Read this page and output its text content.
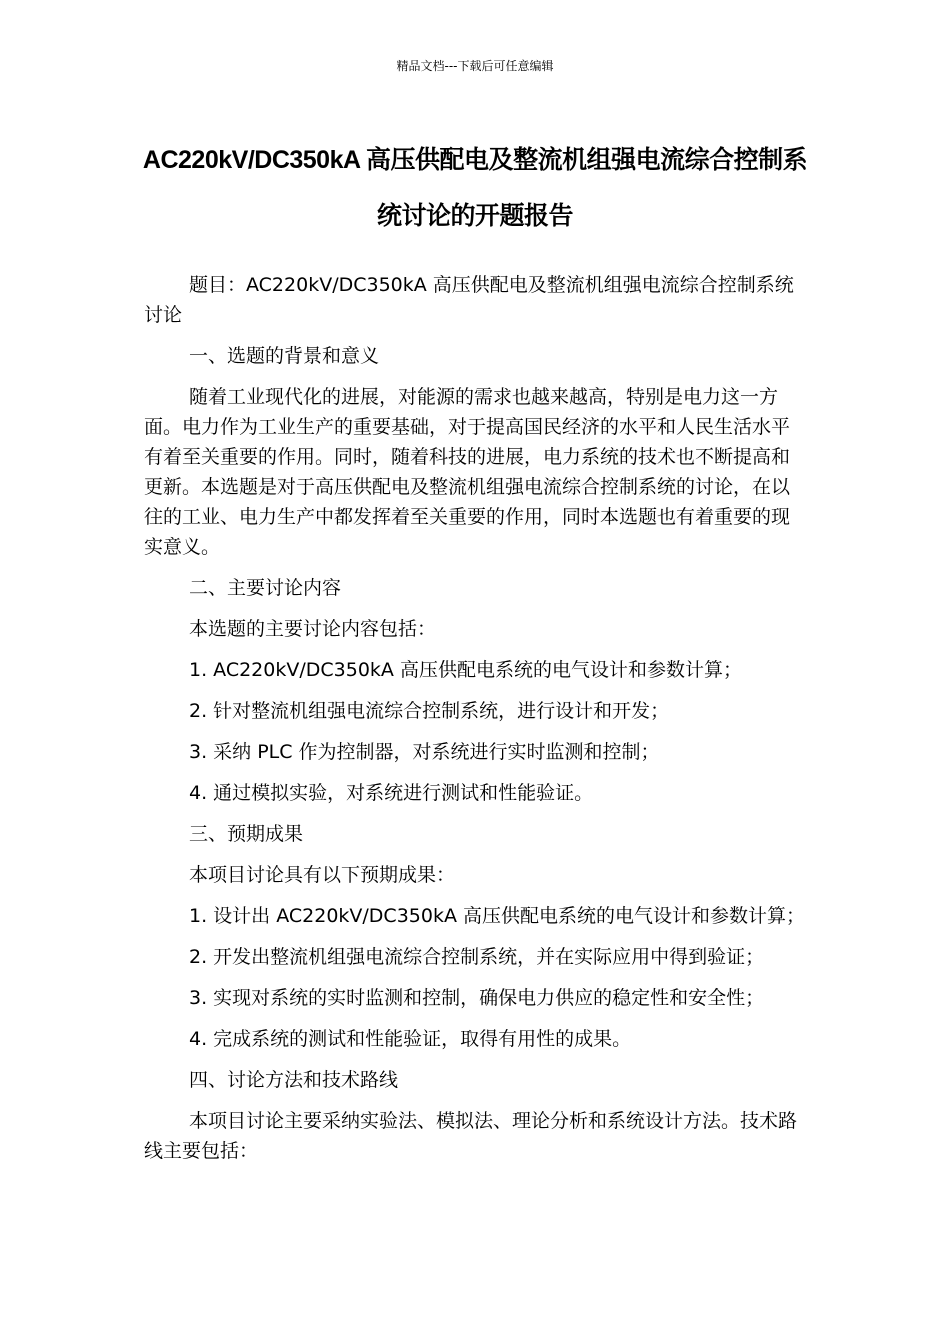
精品文档---下载后可任意编辑
AC220kV/DC350kA 高压供配电及整流机组强电流综合控制系统讨论的开题报告

题目：AC220kV/DC350kA 高压供配电及整流机组强电流综合控制系统讨论

一、选题的背景和意义

随着工业现代化的进展，对能源的需求也越来越高，特别是电力这一方面。电力作为工业生产的重要基础，对于提高国民经济的水平和人民生活水平有着至关重要的作用。同时，随着科技的进展，电力系统的技术也不断提高和更新。本选题是对于高压供配电及整流机组强电流综合控制系统的讨论，在以往的工业、电力生产中都发挥着至关重要的作用，同时本选题也有着重要的现实意义。

二、主要讨论内容

本选题的主要讨论内容包括：

1. AC220kV/DC350kA 高压供配电系统的电气设计和参数计算；

2. 针对整流机组强电流综合控制系统，进行设计和开发；

3. 采纳 PLC 作为控制器，对系统进行实时监测和控制；

4. 通过模拟实验，对系统进行测试和性能验证。

三、预期成果

本项目讨论具有以下预期成果：

1. 设计出 AC220kV/DC350kA 高压供配电系统的电气设计和参数计算；

2. 开发出整流机组强电流综合控制系统，并在实际应用中得到验证；

3. 实现对系统的实时监测和控制，确保电力供应的稳定性和安全性；

4. 完成系统的测试和性能验证，取得有用性的成果。

四、讨论方法和技术路线

本项目讨论主要采纳实验法、模拟法、理论分析和系统设计方法。技术路线主要包括：
